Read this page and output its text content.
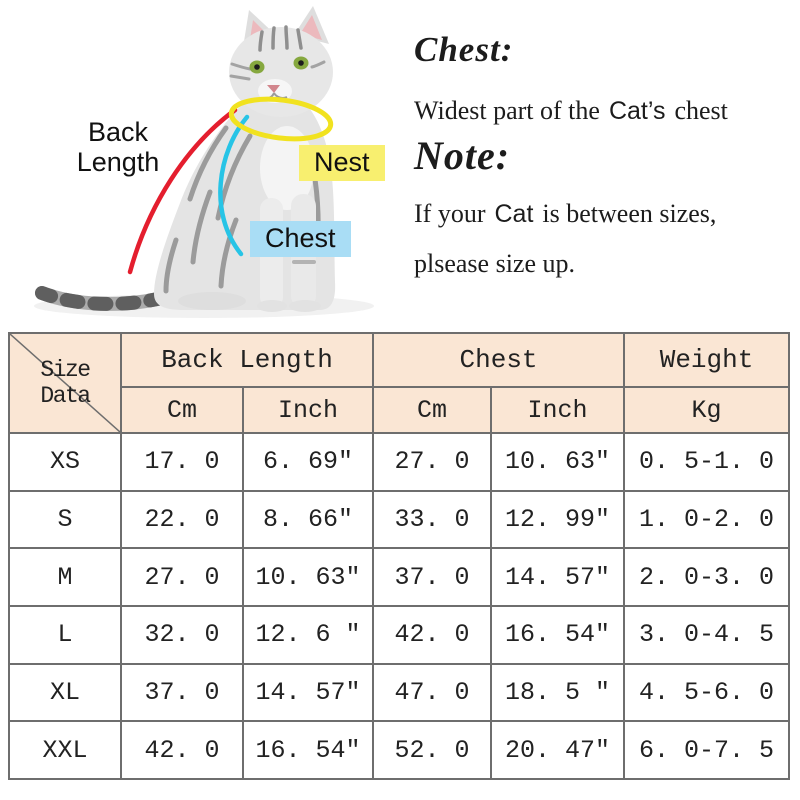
Back
Length	Nest
Chest
Chest:
Widest part of the Cat’s chest
Note:
If your Cat is between sizes,
plsease size up.
Size Data	Back Length		Chest		Weight
	Cm	Inch	Cm	Inch	Kg
XS	17. 0	6. 69″	27. 0	10. 63″	0. 5-1. 0
S	22. 0	8. 66″	33. 0	12. 99″	1. 0-2. 0
M	27. 0	10. 63″	37. 0	14. 57″	2. 0-3. 0
L	32. 0	12. 6 ″	42. 0	16. 54″	3. 0-4. 5
XL	37. 0	14. 57″	47. 0	18. 5 ″	4. 5-6. 0
XXL	42. 0	16. 54″	52. 0	20. 47″	6. 0-7. 5
